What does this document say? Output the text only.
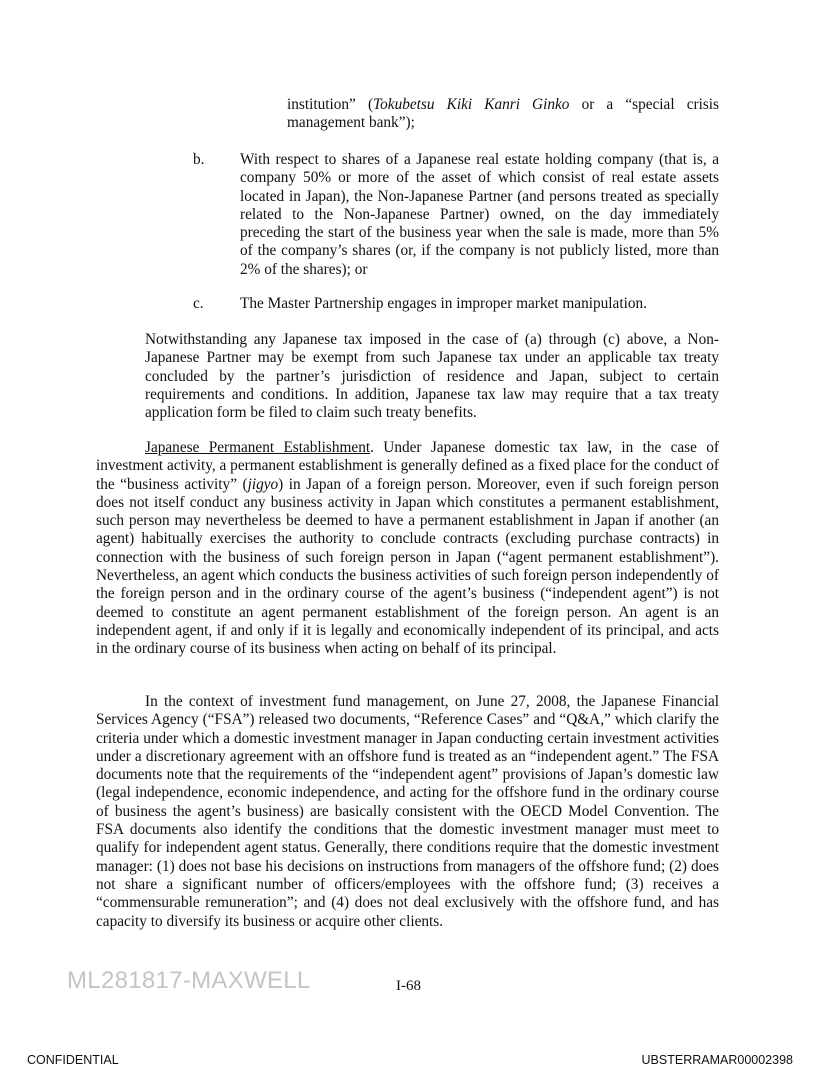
institution” (Tokubetsu Kiki Kanri Ginko or a “special crisis management bank”);
b. With respect to shares of a Japanese real estate holding company (that is, a company 50% or more of the asset of which consist of real estate assets located in Japan), the Non-Japanese Partner (and persons treated as specially related to the Non-Japanese Partner) owned, on the day immediately preceding the start of the business year when the sale is made, more than 5% of the company’s shares (or, if the company is not publicly listed, more than 2% of the shares); or
c. The Master Partnership engages in improper market manipulation.
Notwithstanding any Japanese tax imposed in the case of (a) through (c) above, a Non-Japanese Partner may be exempt from such Japanese tax under an applicable tax treaty concluded by the partner’s jurisdiction of residence and Japan, subject to certain requirements and conditions. In addition, Japanese tax law may require that a tax treaty application form be filed to claim such treaty benefits.
Japanese Permanent Establishment. Under Japanese domestic tax law, in the case of investment activity, a permanent establishment is generally defined as a fixed place for the conduct of the “business activity” (jigyo) in Japan of a foreign person. Moreover, even if such foreign person does not itself conduct any business activity in Japan which constitutes a permanent establishment, such person may nevertheless be deemed to have a permanent establishment in Japan if another (an agent) habitually exercises the authority to conclude contracts (excluding purchase contracts) in connection with the business of such foreign person in Japan (“agent permanent establishment”). Nevertheless, an agent which conducts the business activities of such foreign person independently of the foreign person and in the ordinary course of the agent’s business (“independent agent”) is not deemed to constitute an agent permanent establishment of the foreign person. An agent is an independent agent, if and only if it is legally and economically independent of its principal, and acts in the ordinary course of its business when acting on behalf of its principal.
In the context of investment fund management, on June 27, 2008, the Japanese Financial Services Agency (“FSA”) released two documents, “Reference Cases” and “Q&A,” which clarify the criteria under which a domestic investment manager in Japan conducting certain investment activities under a discretionary agreement with an offshore fund is treated as an “independent agent.” The FSA documents note that the requirements of the “independent agent” provisions of Japan’s domestic law (legal independence, economic independence, and acting for the offshore fund in the ordinary course of business the agent’s business) are basically consistent with the OECD Model Convention. The FSA documents also identify the conditions that the domestic investment manager must meet to qualify for independent agent status. Generally, there conditions require that the domestic investment manager: (1) does not base his decisions on instructions from managers of the offshore fund; (2) does not share a significant number of officers/employees with the offshore fund; (3) receives a “commensurable remuneration”; and (4) does not deal exclusively with the offshore fund, and has capacity to diversify its business or acquire other clients.
ML281817-MAXWELL	I-68
CONFIDENTIAL	UBSTERRAMAR00002398
